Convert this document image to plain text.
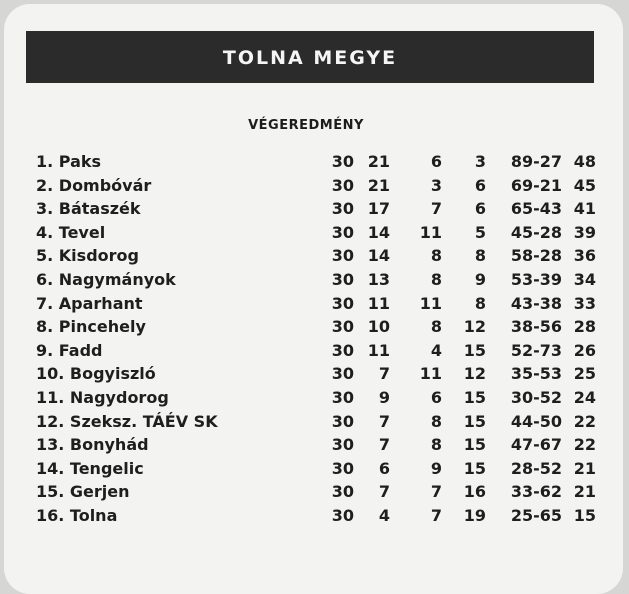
TOLNA MEGYE
VÉGEREDMÉNY
1. Paks	30 21	6	3	89-27 48
2. Dombóvár	30 21	3	6	69-21 45
3. Bátaszék	30 17	7	6	65-43 41
4. Tevel	30 14	11	5	45-28 39
5. Kisdorog	30 14	8	8	58-28 36
6. Nagymányok	30 13	8	9	53-39 34
7. Aparhant	30 11	11	8	43-38 33
8. Pincehely	30 10	8	12	38-56 28
9. Fadd	30 11	4	15	52-73 26
10. Bogyiszló	30	7	11	12	35-53 25
11. Nagydorog	30	9	6	15	30-52 24
12. Szeksz. TÁÉV SK	30	7	8	15	44-50 22
13. Bonyhád	30	7	8	15	47-67 22
14. Tengelic	30	6	9	15	28-52 21
15. Gerjen	30	7	7	16	33-62 21
16. Tolna	30	4	7	19	25-65 15
